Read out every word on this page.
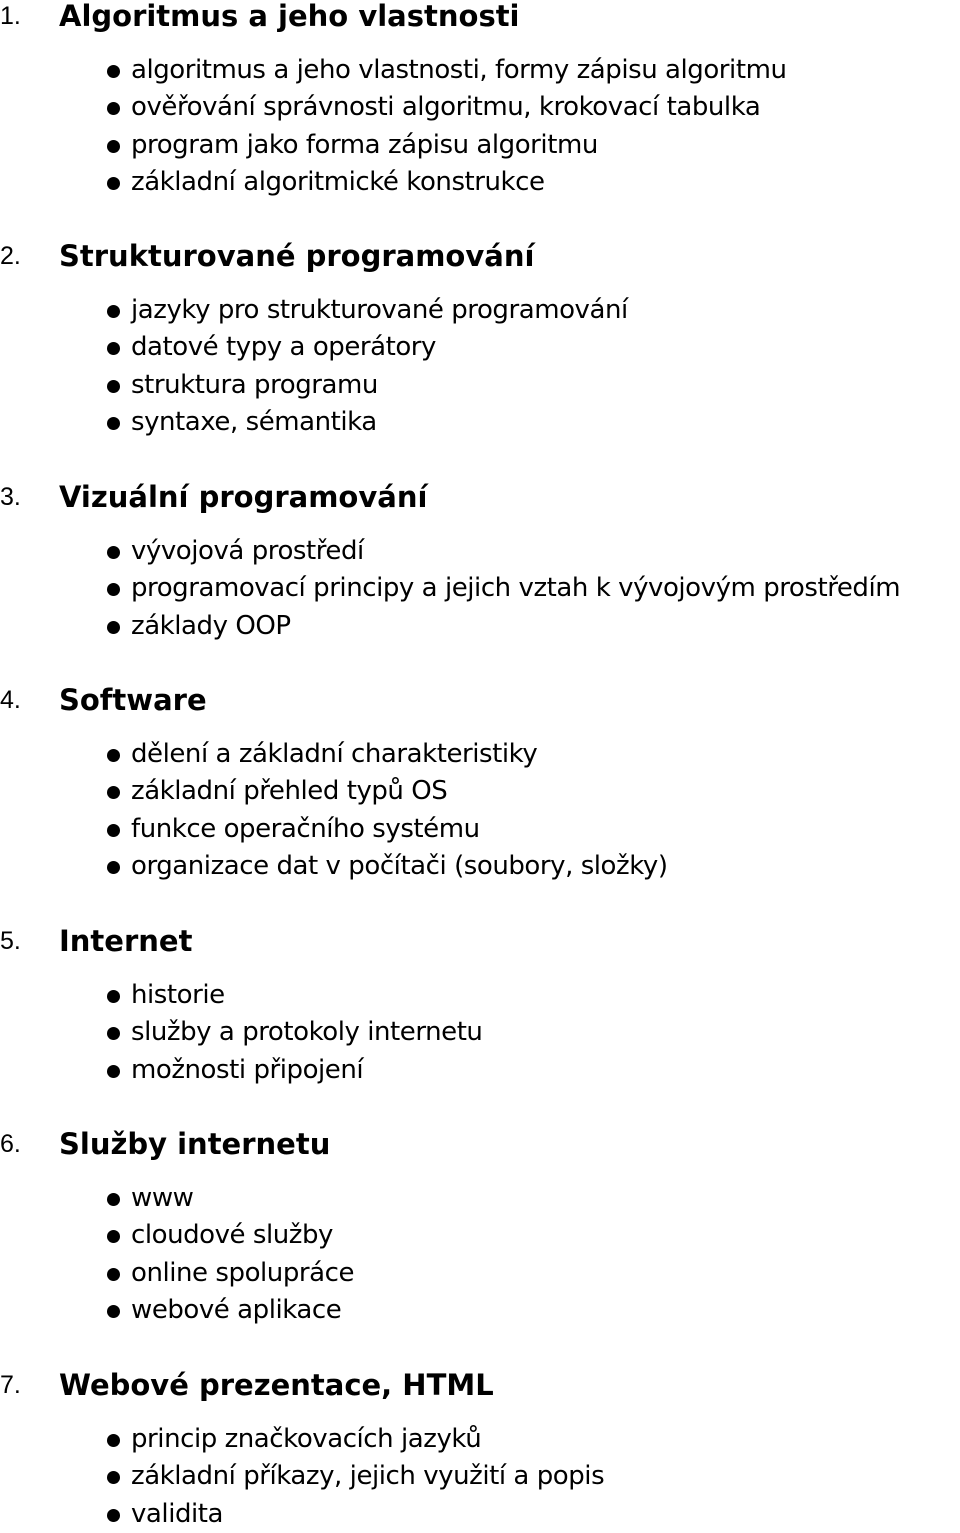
1. Algoritmus a jeho vlastnosti
algoritmus a jeho vlastnosti, formy zápisu algoritmu
ověřování správnosti algoritmu, krokovací tabulka
program jako forma zápisu algoritmu
základní algoritmické konstrukce
2. Strukturované programování
jazyky pro strukturované programování
datové typy a operátory
struktura programu
syntaxe, sémantika
3. Vizuální programování
vývojová prostředí
programovací principy a jejich vztah k vývojovým prostředím
základy OOP
4. Software
dělení a základní charakteristiky
základní přehled typů OS
funkce operačního systému
organizace dat v počítači (soubory, složky)
5. Internet
historie
služby a protokoly internetu
možnosti připojení
6. Služby internetu
www
cloudové služby
online spolupráce
webové aplikace
7. Webové prezentace, HTML
princip značkovacích jazyků
základní příkazy, jejich využití a popis
validita
